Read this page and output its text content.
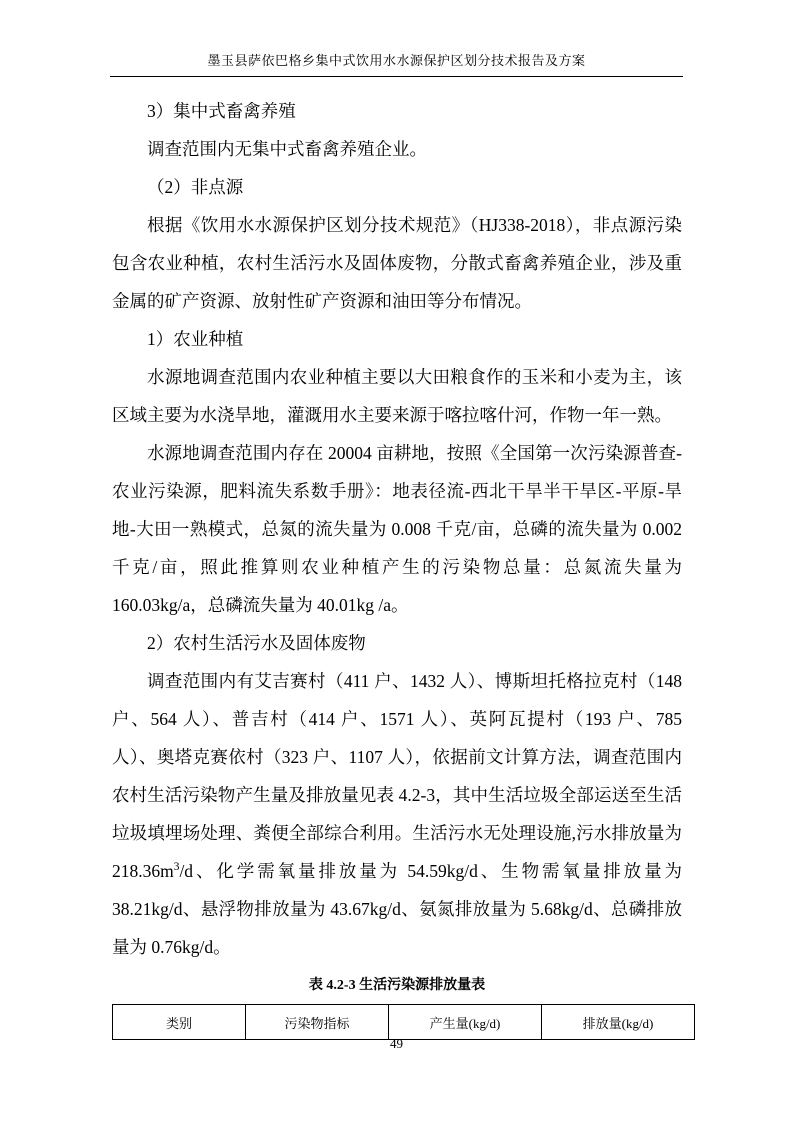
墨玉县萨依巴格乡集中式饮用水水源保护区划分技术报告及方案

3）集中式畜禽养殖

调查范围内无集中式畜禽养殖企业。

（2）非点源

根据《饮用水水源保护区划分技术规范》（HJ338-2018），非点源污染包含农业种植，农村生活污水及固体废物，分散式畜禽养殖企业，涉及重金属的矿产资源、放射性矿产资源和油田等分布情况。

1）农业种植

水源地调查范围内农业种植主要以大田粮食作的玉米和小麦为主，该区域主要为水浇旱地，灌溉用水主要来源于喀拉喀什河，作物一年一熟。

水源地调查范围内存在 20004 亩耕地，按照《全国第一次污染源普查-农业污染源，肥料流失系数手册》：地表径流-西北干旱半干旱区-平原-旱地-大田一熟模式，总氮的流失量为 0.008 千克/亩，总磷的流失量为 0.002 千克/亩，照此推算则农业种植产生的污染物总量：总氮流失量为 160.03kg/a，总磷流失量为 40.01kg /a。

2）农村生活污水及固体废物

调查范围内有艾吉赛村（411 户、1432 人）、博斯坦托格拉克村（148 户、564 人）、普吉村（414 户、1571 人）、英阿瓦提村（193 户、785 人）、奥塔克赛依村（323 户、1107 人），依据前文计算方法，调查范围内农村生活污染物产生量及排放量见表 4.2-3，其中生活垃圾全部运送至生活垃圾填埋场处理、粪便全部综合利用。生活污水无处理设施,污水排放量为 $218.36m^3/d$、化学需氧量排放量为 54.59kg/d、生物需氧量排放量为 38.21kg/d、悬浮物排放量为 43.67kg/d、氨氮排放量为 5.68kg/d、总磷排放量为 0.76kg/d。

表 4.2-3 生活污染源排放量表
类别	污染物指标	产生量(kg/d)	排放量(kg/d)
49
